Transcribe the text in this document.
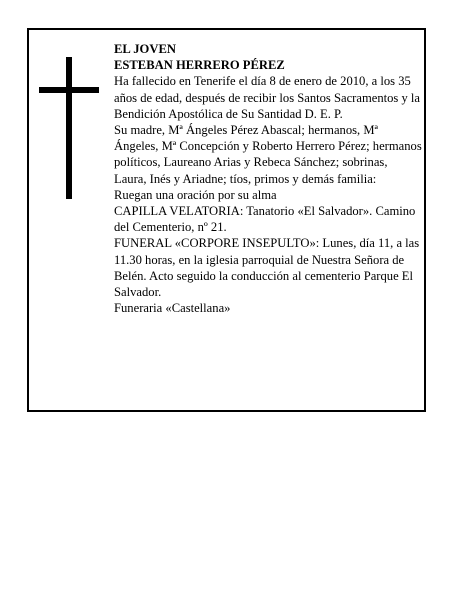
EL JOVEN

ESTEBAN HERRERO PÉREZ

Ha fallecido en Tenerife el día 8 de enero de 2010, a los 35 años de edad, después de recibir los Santos Sacramentos y la Bendición Apostólica de Su Santidad D. E. P.

Su madre, Mª Ángeles Pérez Abascal; hermanos, Mª Ángeles, Mª Concepción y Roberto Herrero Pérez; hermanos políticos, Laureano Arias y Rebeca Sánchez; sobrinas, Laura, Inés y Ariadne; tíos, primos y demás familia:

Ruegan una oración por su alma

CAPILLA VELATORIA: Tanatorio «El Salvador». Camino del Cementerio, nº 21.

FUNERAL «CORPORE INSEPULTO»: Lunes, día 11, a las 11.30 horas, en la iglesia parroquial de Nuestra Señora de Belén. Acto seguido la conducción al cementerio Parque El Salvador.

Funeraria «Castellana»
